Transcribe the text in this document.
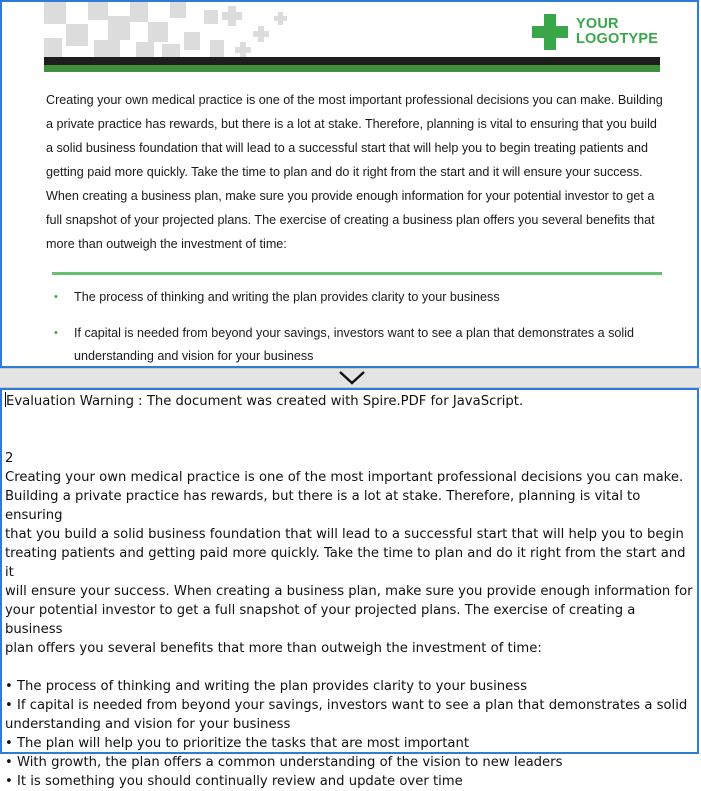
YOUR
LOGOTYPE

Creating your own medical practice is one of the most important professional decisions you can make. Building a private practice has rewards, but there is a lot at stake. Therefore, planning is vital to ensuring that you build a solid business foundation that will lead to a successful start that will help you to begin treating patients and getting paid more quickly. Take the time to plan and do it right from the start and it will ensure your success. When creating a business plan, make sure you provide enough information for your potential investor to get a full snapshot of your projected plans. The exercise of creating a business plan offers you several benefits that more than outweigh the investment of time:

• The process of thinking and writing the plan provides clarity to your business
• If capital is needed from beyond your savings, investors want to see a plan that demonstrates a solid understanding and vision for your business
Evaluation Warning : The document was created with Spire.PDF for JavaScript.
2
Creating your own medical practice is one of the most important professional decisions you can make.
Building a private practice has rewards, but there is a lot at stake. Therefore, planning is vital to ensuring
that you build a solid business foundation that will lead to a successful start that will help you to begin
treating patients and getting paid more quickly. Take the time to plan and do it right from the start and it
will ensure your success. When creating a business plan, make sure you provide enough information for
your potential investor to get a full snapshot of your projected plans. The exercise of creating a business
plan offers you several benefits that more than outweigh the investment of time:
• The process of thinking and writing the plan provides clarity to your business
• If capital is needed from beyond your savings, investors want to see a plan that demonstrates a solid
understanding and vision for your business
• The plan will help you to prioritize the tasks that are most important
• With growth, the plan offers a common understanding of the vision to new leaders
• It is something you should continually review and update over time
